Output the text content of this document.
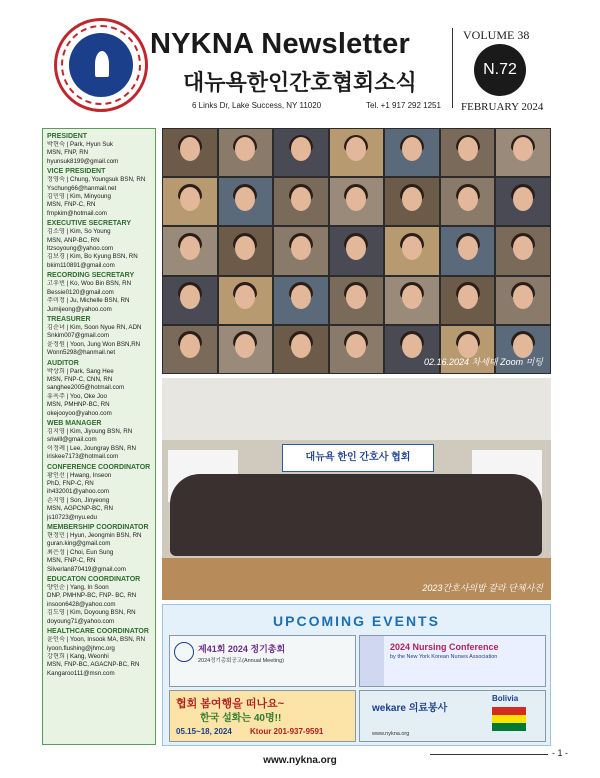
NYKNA Newsletter
대뉴욕한인간호협회소식
6 Links Dr, Lake Success, NY 11020	Tel. +1 917 292 1251
VOLUME 38
N.72
FEBRUARY 2024
PRESIDENT
박현숙 | Park, Hyun Suk
MSN, FNP, RN
hyunsuk8199@gmail.com
VICE PRESIDENT
정영숙 | Chung, Youngsuk BSN, RN
Yschung66@hanmail.net
김민영 | Kim, Minyoung
MSN, FNP-C, RN
frnpkim@hotmail.com
EXECUTIVE SECRETARY
김소영 | Kim, So Young
MSN, ANP-BC, RN
ltzsoyoung@yahoo.com
김보경 | Kim, Bo Kyung BSN, RN
bkim110891@gmail.com
RECORDING SECRETARY
고우빈 | Ko, Woo Bin BSN, RN
Bessie0120@gmail.com
주미정 | Ju, Michelle BSN, RN
Jumijeong@yahoo.com
TREASURER
김순녀 | Kim, Soon Nyue RN, ADN
Snkim007@gmail.com
윤정원 | Yoon, Jung Won BSN,RN
Wonn5298@hanmail.net
AUDITOR
박상희 | Park, Sang Hee
MSN, FNP-C, CNN, RN
sanghee2005@hotmail.com
유옥주 | Yoo, Oke Joo
MSN, PMHNP-BC, RN
okejooyoo@yahoo.com
WEB MANAGER
김지영 | Kim, Jiyoung BSN, RN
sriwill@gmail.com
이정례 | Lee, Joungray BSN, RN
iriskee7173@hotmail.com
CONFERENCE COORDINATOR
황인선 | Hwang, Inseon
PhD, FNP-C, RN
ih432001@yahoo.com
손지영 | Son, Jinyeong
MSN, AGPCNP-BC, RN
js10723@nyu.edu
MEMBERSHIP COORDINATOR
현정민 | Hyun, Jeongmin BSN, RN
guran.king@gmail.com
최은성 | Choi, Eun Sung
MSN, FNP-C, RN
Silverlan870419@gmail.com
EDUCATON COORDINATOR
양인순 | Yang, In Soon
DNP, PMHNP-BC, FNP- BC, RN
insoon6428@yahoo.com
김도영 | Kim, Doyoung BSN, RN
doyoung71@yahoo.com
HEALTHCARE COORDINATOR
윤인숙 | Yoon, Insook MA, BSN, RN
iyoon.flushing@jhmc.org
강현희 | Kang, Weonhi
MSN, FNP-BC, AGACNP-BC, RN
Kangaroo111@msn.com
02.16.2024 차세대 Zoom 미팅
대뉴욕 한인 간호사 협회
2023간호사의밤 갈라 단체사진
UPCOMING EVENTS
제41회 2024 정기총회
2024정기총회공고(Annual Meeting)
2024 Nursing Conference
by the New York Korean Nurses Association
협회 봄여행을 떠나요~
한국 설화는 40명!!
05.15~18, 2024 Ktour 201-937-9591
wekare 의료봉사
Bolivia
www.nykna.org
www.nykna.org
- 1 -
